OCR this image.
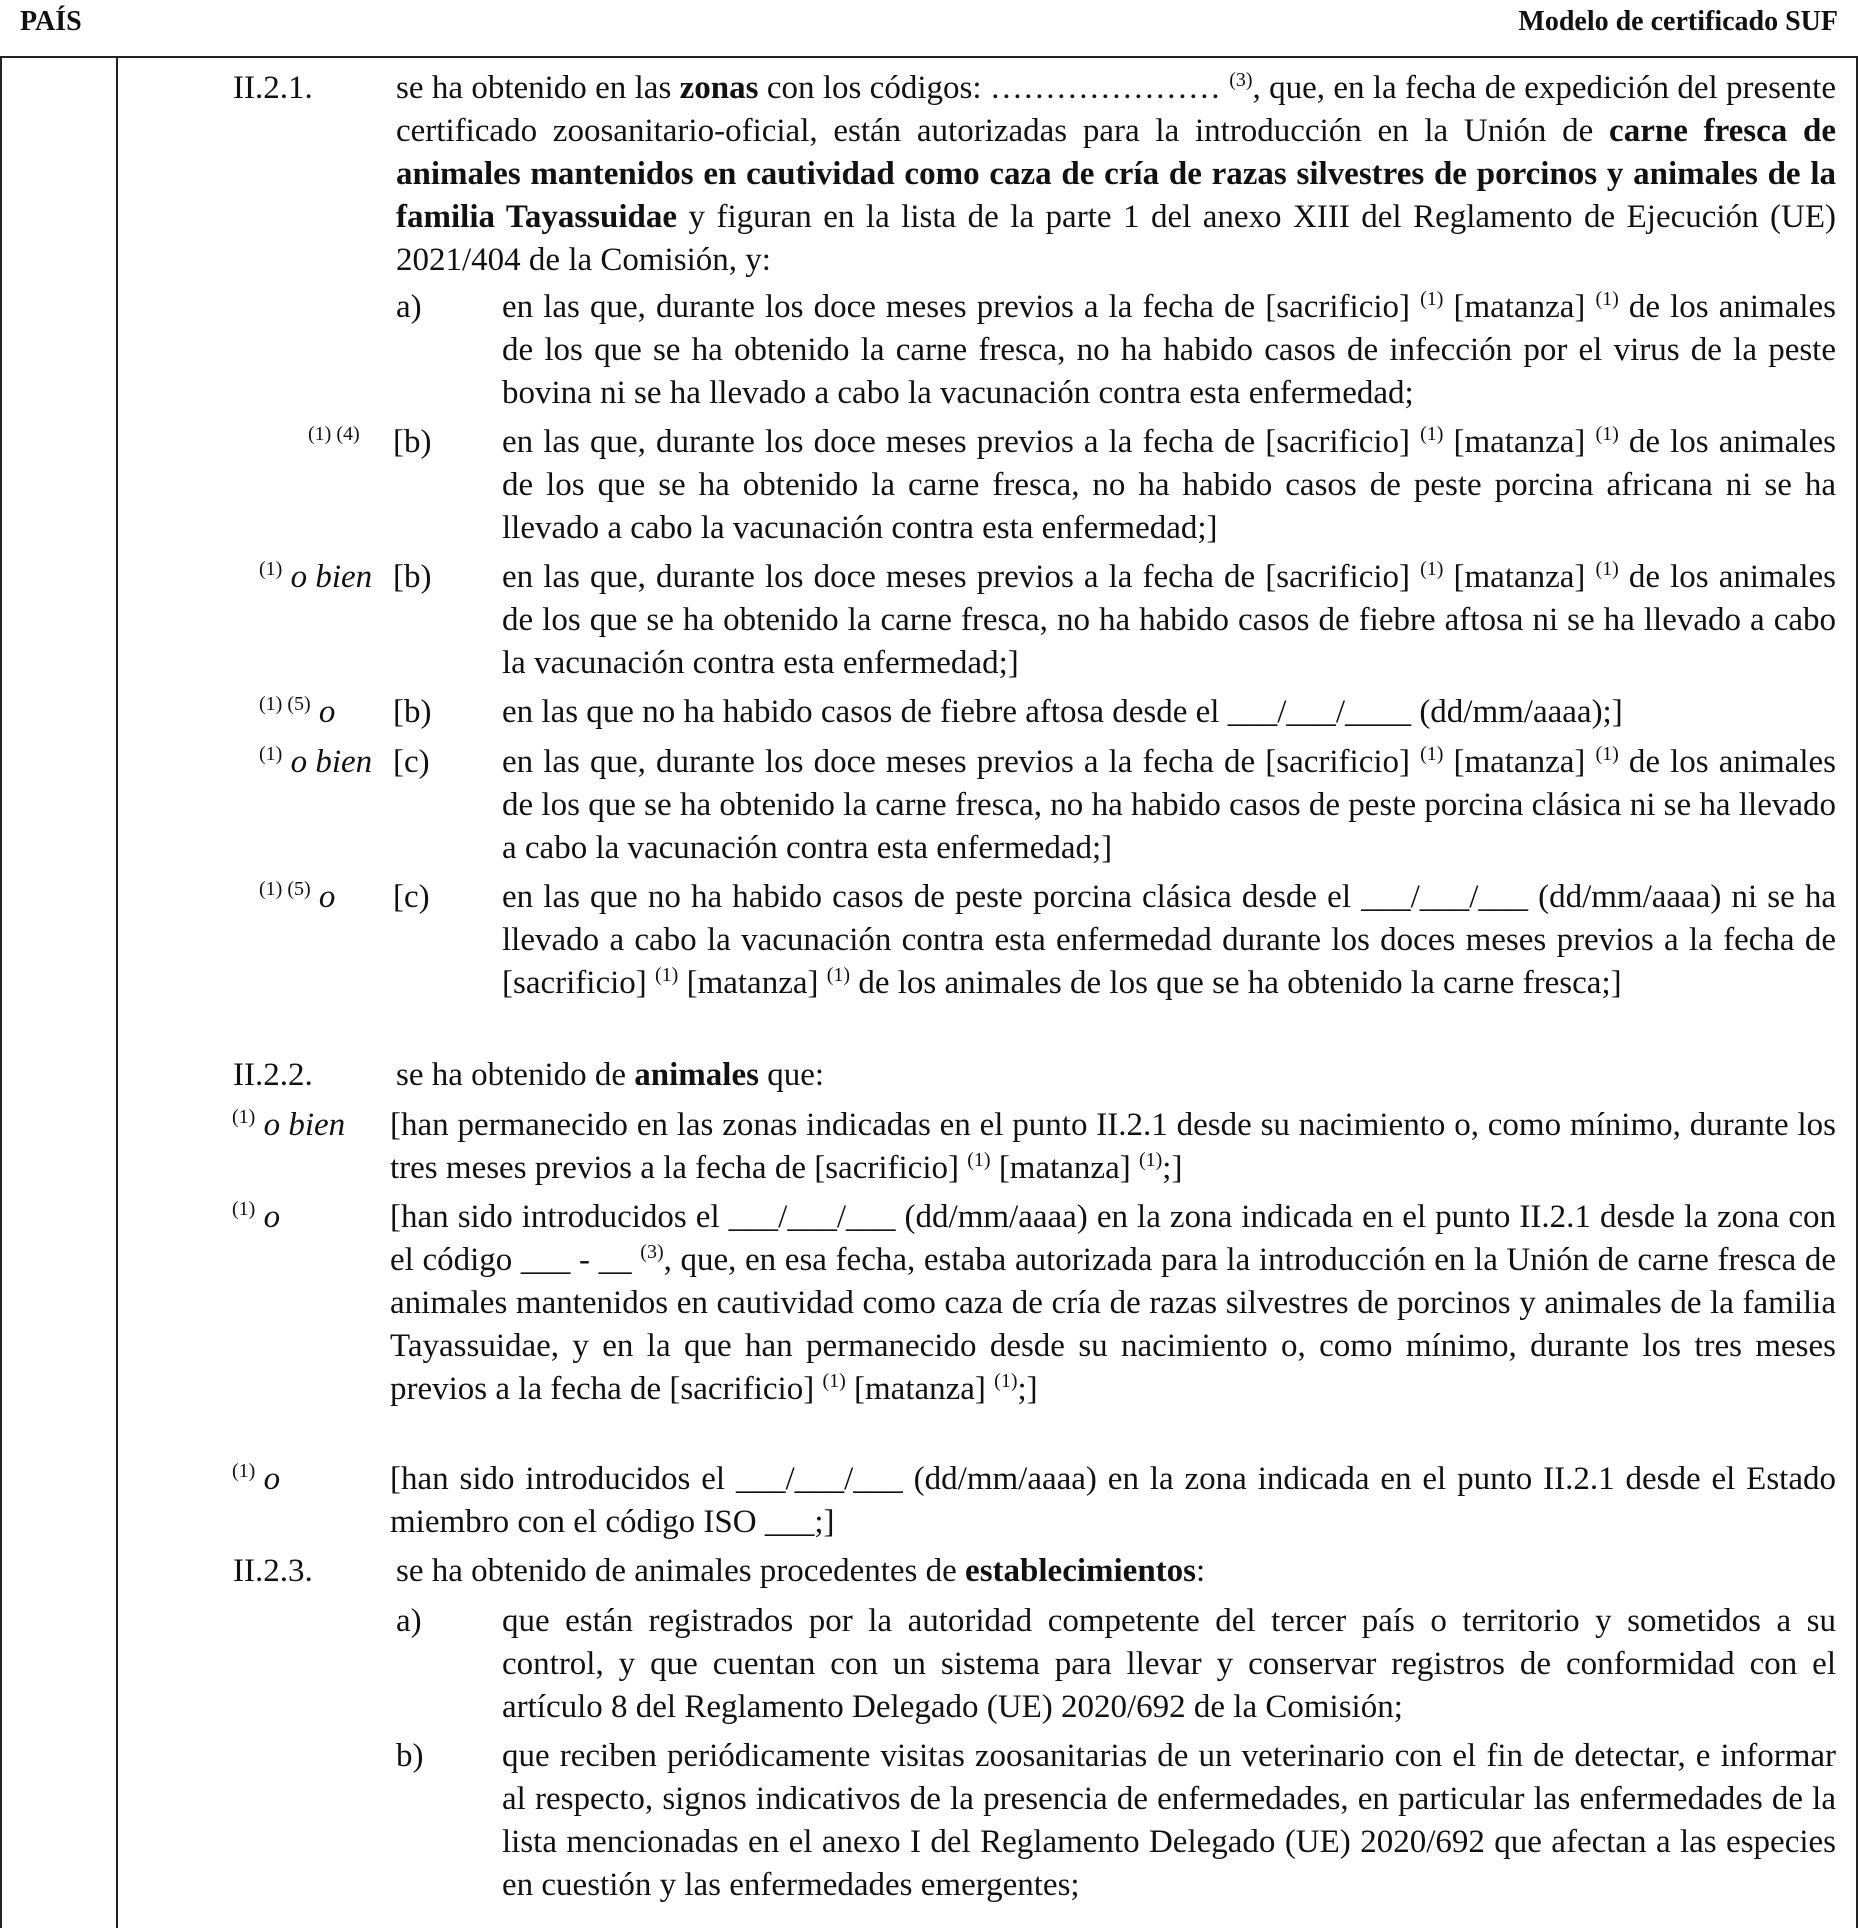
PAÍS	Modelo de certificado SUF
II.2.1.	se ha obtenido en las zonas con los códigos: ………………… $^{(3)}$, que, en la fecha de expedición del presente certificado zoosanitario-oficial, están autorizadas para la introducción en la Unión de carne fresca de animales mantenidos en cautividad como caza de cría de razas silvestres de porcinos y animales de la familia Tayassuidae y figuran en la lista de la parte 1 del anexo XIII del Reglamento de Ejecución (UE) 2021/404 de la Comisión, y:
a) en las que, durante los doce meses previos a la fecha de [sacrificio] $^{(1)}$ [matanza] $^{(1)}$ de los animales de los que se ha obtenido la carne fresca, no ha habido casos de infección por el virus de la peste bovina ni se ha llevado a cabo la vacunación contra esta enfermedad;
$^{(1) (4)}$ [b) en las que, durante los doce meses previos a la fecha de [sacrificio] $^{(1)}$ [matanza] $^{(1)}$ de los animales de los que se ha obtenido la carne fresca, no ha habido casos de peste porcina africana ni se ha llevado a cabo la vacunación contra esta enfermedad;]
$^{(1)}$ o bien [b) en las que, durante los doce meses previos a la fecha de [sacrificio] $^{(1)}$ [matanza] $^{(1)}$ de los animales de los que se ha obtenido la carne fresca, no ha habido casos de fiebre aftosa ni se ha llevado a cabo la vacunación contra esta enfermedad;]
$^{(1) (5)}$ o [b) en las que no ha habido casos de fiebre aftosa desde el ___/___/____ (dd/mm/aaaa);]
$^{(1)}$ o bien [c) en las que, durante los doce meses previos a la fecha de [sacrificio] $^{(1)}$ [matanza] $^{(1)}$ de los animales de los que se ha obtenido la carne fresca, no ha habido casos de peste porcina clásica ni se ha llevado a cabo la vacunación contra esta enfermedad;]
$^{(1) (5)}$ o [c) en las que no ha habido casos de peste porcina clásica desde el ___/___/___ (dd/mm/aaaa) ni se ha llevado a cabo la vacunación contra esta enfermedad durante los doces meses previos a la fecha de [sacrificio] $^{(1)}$ [matanza] $^{(1)}$ de los animales de los que se ha obtenido la carne fresca;]
II.2.2.	se ha obtenido de animales que:
$^{(1)}$ o bien [han permanecido en las zonas indicadas en el punto II.2.1 desde su nacimiento o, como mínimo, durante los tres meses previos a la fecha de [sacrificio] $^{(1)}$ [matanza] $^{(1)}$;]
$^{(1)}$ o	[han sido introducidos el ___/___/___ (dd/mm/aaaa) en la zona indicada en el punto II.2.1 desde la zona con el código ___ - __ $^{(3)}$, que, en esa fecha, estaba autorizada para la introducción en la Unión de carne fresca de animales mantenidos en cautividad como caza de cría de razas silvestres de porcinos y animales de la familia Tayassuidae, y en la que han permanecido desde su nacimiento o, como mínimo, durante los tres meses previos a la fecha de [sacrificio] $^{(1)}$ [matanza] $^{(1)}$;]
$^{(1)}$ o	[han sido introducidos el ___/___/___ (dd/mm/aaaa) en la zona indicada en el punto II.2.1 desde el Estado miembro con el código ISO ___;]
II.2.3.	se ha obtenido de animales procedentes de establecimientos:
a) que están registrados por la autoridad competente del tercer país o territorio y sometidos a su control, y que cuentan con un sistema para llevar y conservar registros de conformidad con el artículo 8 del Reglamento Delegado (UE) 2020/692 de la Comisión;
b) que reciben periódicamente visitas zoosanitarias de un veterinario con el fin de detectar, e informar al respecto, signos indicativos de la presencia de enfermedades, en particular las enfermedades de la lista mencionadas en el anexo I del Reglamento Delegado (UE) 2020/692 que afectan a las especies en cuestión y las enfermedades emergentes;
